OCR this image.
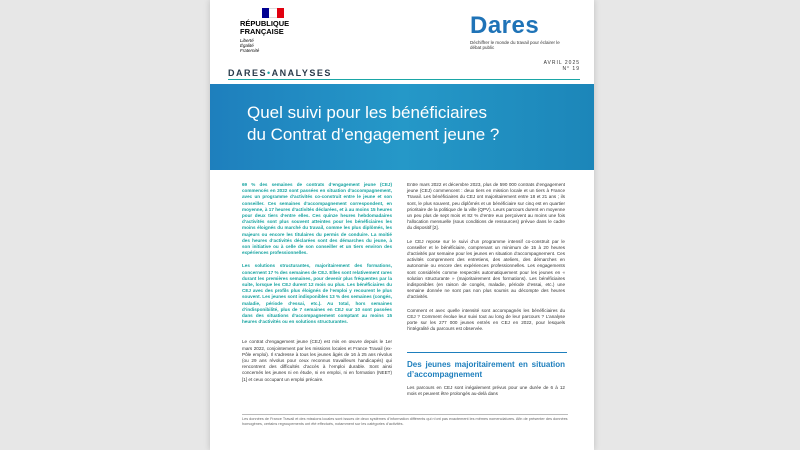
RÉPUBLIQUE
FRANÇAISE
Liberté
Égalité
Fraternité
Dares
Déchiffrer le monde du travail pour éclairer le débat public
AVRIL 2025
N° 19
DARES•ANALYSES
Quel suivi pour les bénéficiaires
du Contrat d’engagement jeune ?

69 % des semaines de contrats d’engagement jeune (CEJ) commencés en 2022 sont passées en situation d’accompagnement, avec un programme d’activités co-construit entre le jeune et son conseiller. Ces semaines d’accompagnement correspondent, en moyenne, à 17 heures d’activités déclarées, et à au moins 15 heures pour deux tiers d’entre elles. Ces quinze heures hebdomadaires d’activités sont plus souvent atteintes pour les bénéficiaires les moins éloignés du marché du travail, comme les plus diplômés, les majeurs ou encore les titulaires du permis de conduire. La moitié des heures d’activités déclarées sont des démarches du jeune, à son initiative ou à celle de son conseiller et un tiers environ des expériences professionnelles.

Les solutions structurantes, majoritairement des formations, concernent 17 % des semaines de CEJ. Elles sont relativement rares durant les premières semaines, pour devenir plus fréquentes par la suite, lorsque les CEJ durent 12 mois ou plus. Les bénéficiaires du CEJ avec des profils plus éloignés de l’emploi y recourent le plus souvent. Les jeunes sont indisponibles 13 % des semaines (congés, maladie, période d’essai, etc.). Au total, hors semaines d’indisponibilité, plus de 7 semaines en CEJ sur 10 sont passées dans des situations d’accompagnement comptant au moins 15 heures d’activités ou en solutions structurantes.

Le contrat d’engagement jeune (CEJ) est mis en œuvre depuis le 1er mars 2022, conjointement par les missions locales et France Travail (ex-Pôle emploi). Il s’adresse à tous les jeunes âgés de 16 à 25 ans révolus (ou 29 ans révolus pour ceux reconnus travailleurs handicapés) qui rencontrent des difficultés d’accès à l’emploi durable. Sont ainsi concernés les jeunes ni en étude, ni en emploi, ni en formation (NEET) [1] et ceux occupant un emploi précaire.

Entre mars 2022 et décembre 2023, plus de 590 000 contrats d’engagement jeune (CEJ) commencent : deux tiers en mission locale et un tiers à France Travail. Les bénéficiaires du CEJ ont majoritairement entre 18 et 21 ans ; ils sont, le plus souvent, peu diplômés et un bénéficiaire sur cinq est en quartier prioritaire de la politique de la ville (QPV). Leurs parcours durent en moyenne un peu plus de sept mois et 82 % d’entre eux perçoivent au moins une fois l’allocation mensuelle (sous conditions de ressources) prévue dans le cadre du dispositif [2].

Le CEJ repose sur le suivi d’un programme intensif co-construit par le conseiller et le bénéficiaire, comprenant un minimum de 15 à 20 heures d’activités par semaine pour les jeunes en situation d’accompagnement. Ces activités comprennent des entretiens, des ateliers, des démarches en autonomie ou encore des expériences professionnelles. Les engagements sont considérés comme respectés automatiquement pour les jeunes en « solution structurante » (majoritairement des formations). Les bénéficiaires indisponibles (en raison de congés, maladie, période d’essai, etc.) une semaine donnée ne sont pas non plus soumis au décompte des heures d’activités.

Comment et avec quelle intensité sont accompagnés les bénéficiaires du CEJ ? Comment évolue leur suivi tout au long de leur parcours ? L’analyse porte sur les 277 000 jeunes entrés en CEJ en 2022, pour lesquels l’intégralité du parcours est observée.

Des jeunes majoritairement en situation d’accompagnement

Les parcours en CEJ sont inégalement prévus pour une durée de 6 à 12 mois et peuvent être prolongés au-delà dans

Les données de France Travail et des missions locales sont issues de deux systèmes d’information différents qui n’ont pas exactement les mêmes nomenclatures. Afin de présenter des données homogènes, certains regroupements ont été effectués, notamment sur les catégories d’activités.
